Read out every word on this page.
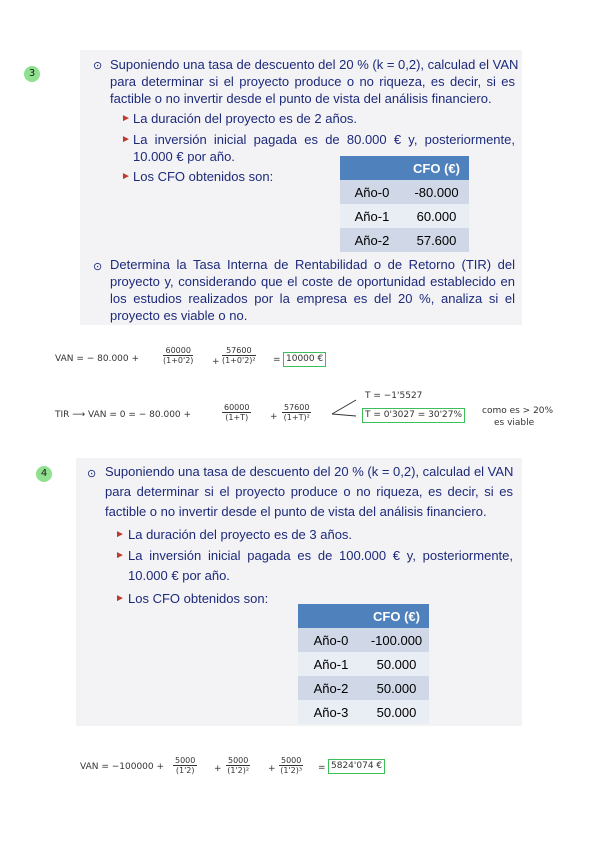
3
⊙ Suponiendo una tasa de descuento del 20 % (k = 0,2), calculad el VAN
para determinar si el proyecto produce o no riqueza, es decir, si es
factible o no invertir desde el punto de vista del análisis financiero.
► La duración del proyecto es de 2 años.
► La inversión inicial pagada es de 80.000 € y, posteriormente,
10.000 € por año.
► Los CFO obtenidos son:
	CFO (€)
Año-0	-80.000
Año-1	60.000
Año-2	57.600
⊙ Determina la Tasa Interna de Rentabilidad o de Retorno (TIR) del
proyecto y, considerando que el coste de oportunidad establecido en
los estudios realizados por la empresa es del 20 %, analiza si el
proyecto es viable o no.
VAN = − 80.000 +	$\frac{60000}{(1+0'2)} + \frac{57600}{\text{(1+0'2)²}} = 10000$ €
TIR ⟶ VAN = 0 = − 80.000 +	$\frac{60000}{(1+T)} + \frac{57600}{\text{(1+T)²}}$
T = −1'5527
T = 0'3027 = 30'27%	como es > 20%
es viable
4	⊙ Suponiendo una tasa de descuento del 20 % (k = 0,2), calculad el VAN
para determinar si el proyecto produce o no riqueza, es decir, si es
factible o no invertir desde el punto de vista del análisis financiero.
► La duración del proyecto es de 3 años.
► La inversión inicial pagada es de 100.000 € y, posteriormente,
10.000 € por año.
► Los CFO obtenidos son:
	CFO (€)
Año-0	-100.000
Año-1	50.000
Año-2	50.000
Año-3	50.000
VAN = $-100000 + \frac{5000}{(1'2)} + \frac{5000}{\text{(1'2)²}} + \frac{5000}{\text{(1'2)³}} = 5824'074$ €
